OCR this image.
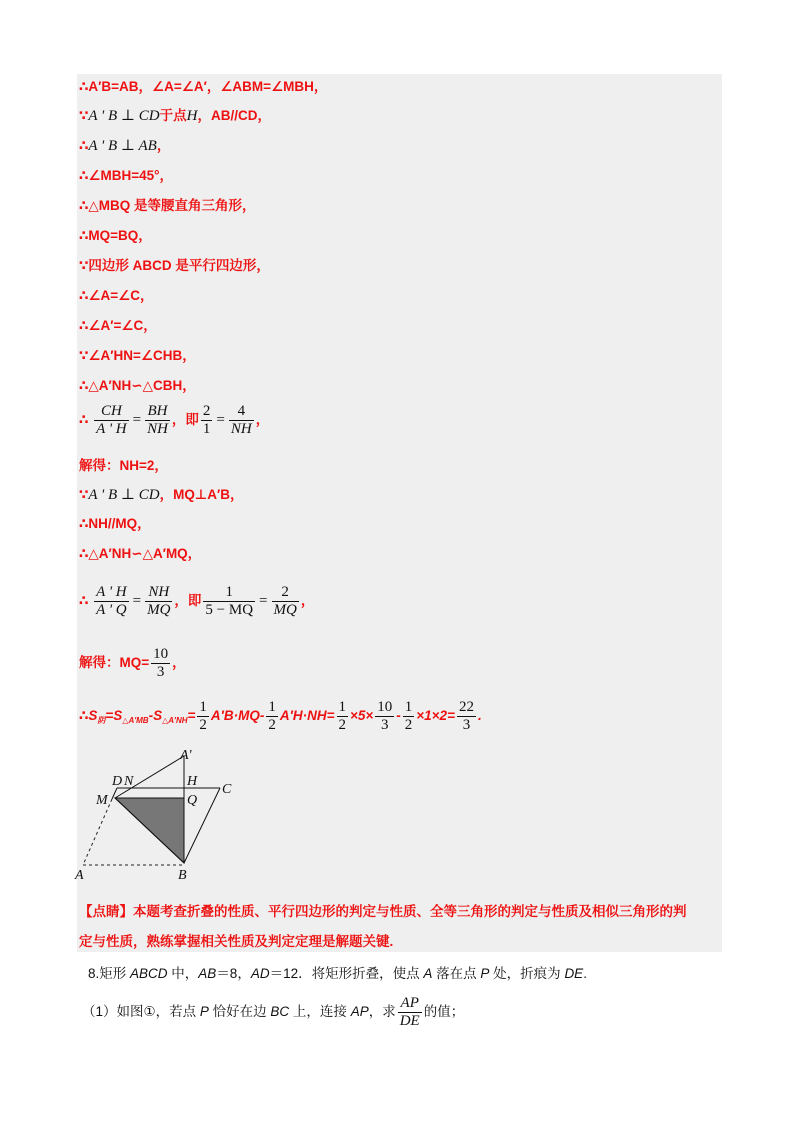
∴A′B=AB，∠A=∠A′，∠ABM=∠MBH，
∵A ' B ⊥ CD于点H，AB//CD，
∴A ' B ⊥ AB，
∴∠MBH=45°，
∴△MBQ 是等腰直角三角形，
∴MQ=BQ，
∵四边形 ABCD 是平行四边形，
∴∠A=∠C，
∴∠A′=∠C，
∵∠A′HN=∠CHB，
∴△A′NH∽△CBH，
∴ $\frac{CH}{A ' H} = \frac{BH}{NH}$ ，即 $\frac{2}{1} = \frac{4}{NH}$ ，
解得：NH=2，
∵A ' B ⊥ CD，MQ⊥A′B，
∴NH//MQ，
∴△A′NH∽△A′MQ，
∴ $\frac{A ' H}{A ' Q} = \frac{NH}{MQ}$ ，即 $\frac{1}{5 - MQ} = \frac{2}{MQ}$ ，
解得：$MQ= \frac{10}{3}$ ，
$\therefore S_阴=S_{\triangle A'MB}-S_{\triangle A'NH}= \frac{1}{2} A'B\cdot MQ- \frac{1}{2} A'H\cdot NH= \frac{1}{2} \times 5\times \frac{10}{3} - \frac{1}{2} \times 1\times 2= \frac{22}{3}$ .
A′
D N	H
C
M	Q
A	B
【点睛】本题考查折叠的性质、平行四边形的判定与性质、全等三角形的判定与性质及相似三角形的判
定与性质，熟练掌握相关性质及判定定理是解题关键.
8.矩形 ABCD 中，AB＝8，AD＝12．将矩形折叠，使点 A 落在点 P 处，折痕为 DE.
（1）如图①，若点 P 恰好在边 BC 上，连接 AP，求 $\frac{AP}{DE}$ 的值；
